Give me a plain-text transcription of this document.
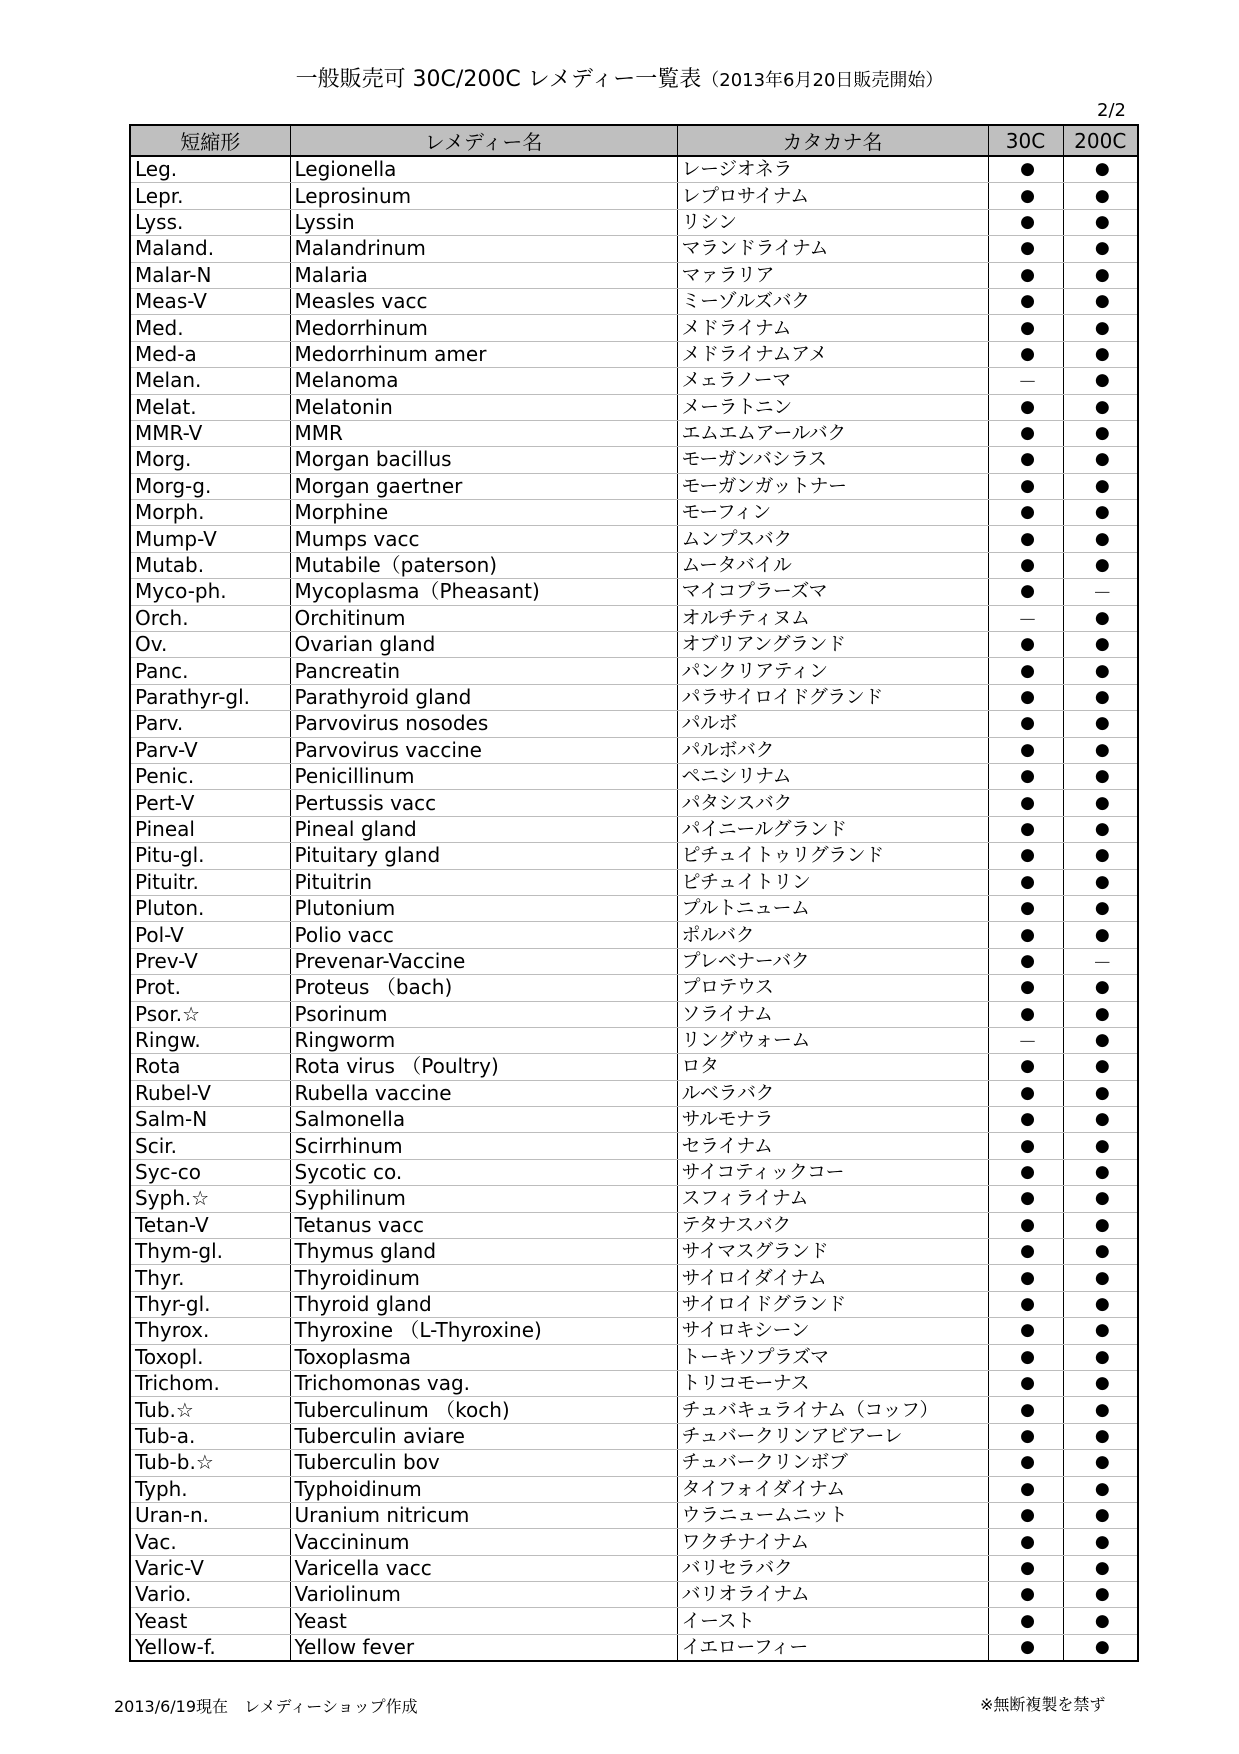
一般販売可 30C/200C レメディー一覧表（2013年6月20日販売開始）
2/2
短縮形	レメディー名	カタカナ名	30C	200C
Leg.	Legionella	レージオネラ	●	●
Lepr.	Leprosinum	レプロサイナム	●	●
Lyss.	Lyssin	リシン	●	●
Maland.	Malandrinum	マランドライナム	●	●
Malar-N	Malaria	マァラリア	●	●
Meas-V	Measles vacc	ミーゾルズバク	●	●
Med.	Medorrhinum	メドライナム	●	●
Med-a	Medorrhinum amer	メドライナムアメ	●	●
Melan.	Melanoma	メェラノーマ	—	●
Melat.	Melatonin	メーラトニン	●	●
MMR-V	MMR	エムエムアールバク	●	●
Morg.	Morgan bacillus	モーガンバシラス	●	●
Morg-g.	Morgan gaertner	モーガンガットナー	●	●
Morph.	Morphine	モーフィン	●	●
Mump-V	Mumps vacc	ムンプスバク	●	●
Mutab.	Mutabile（paterson)	ムータバイル	●	●
Myco-ph.	Mycoplasma（Pheasant)	マイコプラーズマ	●	—
Orch.	Orchitinum	オルチティヌム	—	●
Ov.	Ovarian gland	オブリアングランド	●	●
Panc.	Pancreatin	パンクリアティン	●	●
Parathyr-gl.	Parathyroid gland	パラサイロイドグランド	●	●
Parv.	Parvovirus nosodes	パルボ	●	●
Parv-V	Parvovirus vaccine	パルボバク	●	●
Penic.	Penicillinum	ペニシリナム	●	●
Pert-V	Pertussis vacc	パタシスバク	●	●
Pineal	Pineal gland	パイニールグランド	●	●
Pitu-gl.	Pituitary gland	ピチュイトゥリグランド	●	●
Pituitr.	Pituitrin	ピチュイトリン	●	●
Pluton.	Plutonium	プルトニューム	●	●
Pol-V	Polio vacc	ポルバク	●	●
Prev-V	Prevenar-Vaccine	プレベナーバク	●	—
Prot.	Proteus （bach)	プロテウス	●	●
Psor.☆	Psorinum	ソライナム	●	●
Ringw.	Ringworm	リングウォーム	—	●
Rota	Rota virus （Poultry)	ロタ	●	●
Rubel-V	Rubella vaccine	ルベラバク	●	●
Salm-N	Salmonella	サルモナラ	●	●
Scir.	Scirrhinum	セライナム	●	●
Syc-co	Sycotic co.	サイコティックコー	●	●
Syph.☆	Syphilinum	スフィライナム	●	●
Tetan-V	Tetanus vacc	テタナスバク	●	●
Thym-gl.	Thymus gland	サイマスグランド	●	●
Thyr.	Thyroidinum	サイロイダイナム	●	●
Thyr-gl.	Thyroid gland	サイロイドグランド	●	●
Thyrox.	Thyroxine （L-Thyroxine)	サイロキシーン	●	●
Toxopl.	Toxoplasma	トーキソプラズマ	●	●
Trichom.	Trichomonas vag.	トリコモーナス	●	●
Tub.☆	Tuberculinum （koch)	チュバキュライナム（コッフ）	●	●
Tub-a.	Tuberculin aviare	チュバークリンアビアーレ	●	●
Tub-b.☆	Tuberculin bov	チュバークリンボブ	●	●
Typh.	Typhoidinum	タイフォイダイナム	●	●
Uran-n.	Uranium nitricum	ウラニュームニット	●	●
Vac.	Vaccininum	ワクチナイナム	●	●
Varic-V	Varicella vacc	バリセラバク	●	●
Vario.	Variolinum	バリオライナム	●	●
Yeast	Yeast	イースト	●	●
Yellow-f.	Yellow fever	イエローフィー	●	●
2013/6/19現在　レメディーショップ作成	※無断複製を禁ず
